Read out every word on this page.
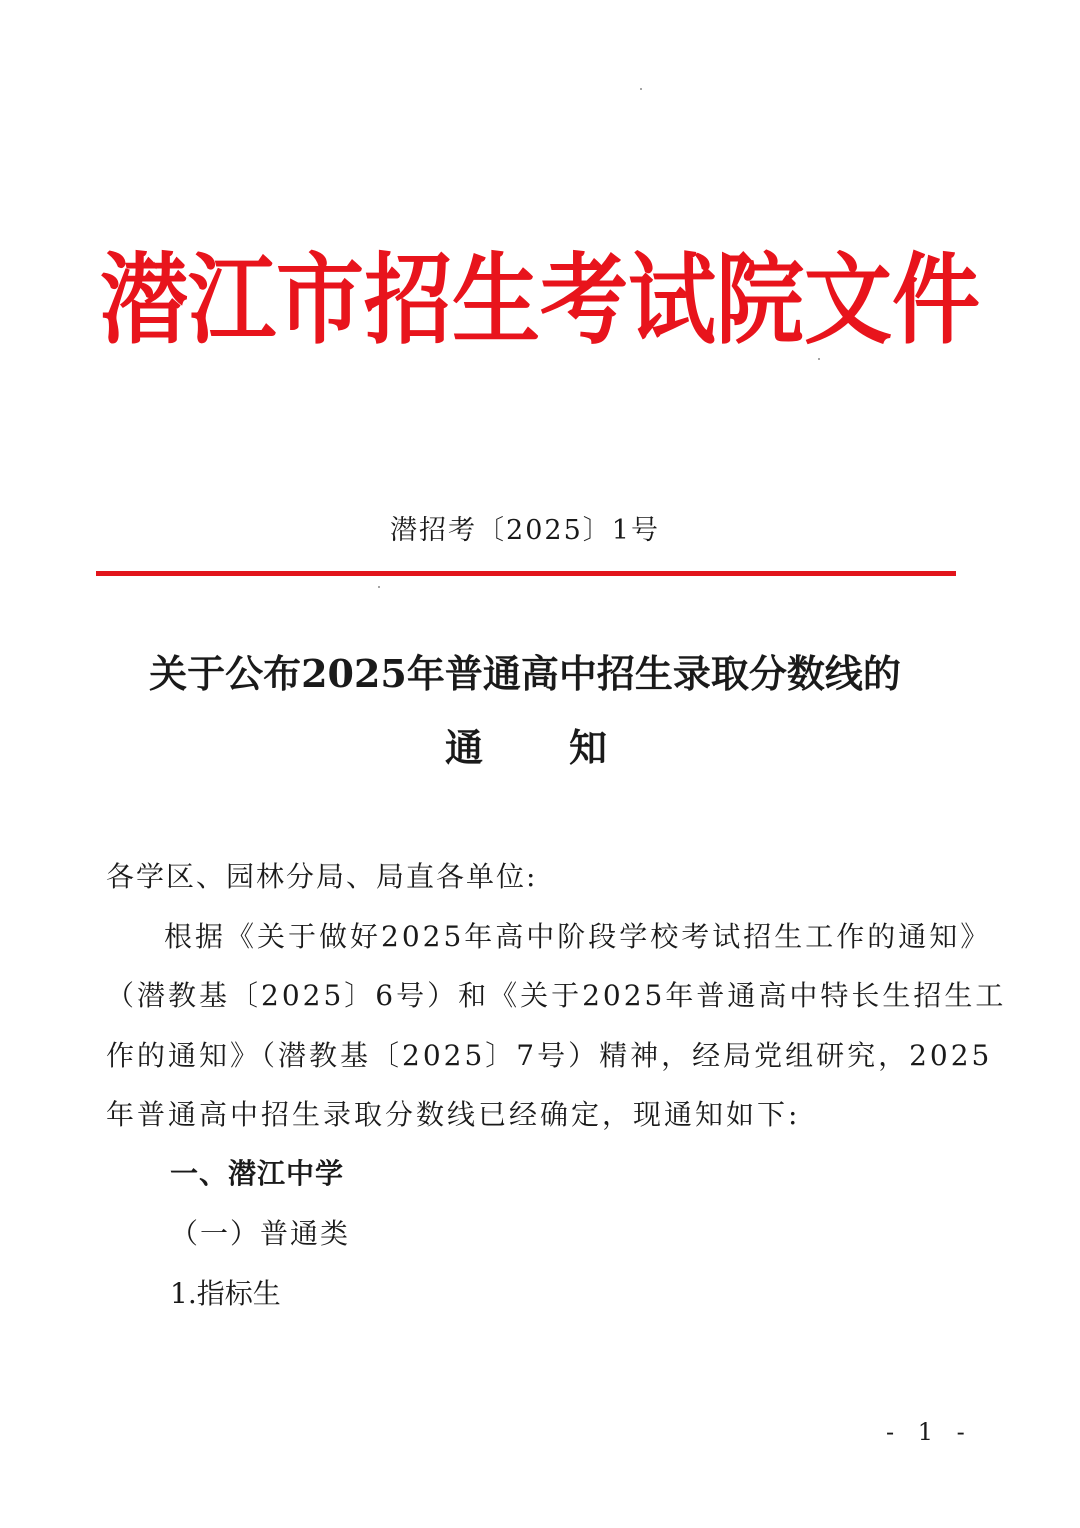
潜江市招生考试院文件
潜招考〔2025〕1号
关于公布2025年普通高中招生录取分数线的
通知
各学区、园林分局、局直各单位:
根据《关于做好2025年高中阶段学校考试招生工作的通知》
（潜教基〔2025〕6号）和《关于2025年普通高中特长生招生工
作的通知》（潜教基〔2025〕7号）精神，经局党组研究，2025
年普通高中招生录取分数线已经确定，现通知如下:
一、潜江中学
（一）普通类
1.指标生
- 1 -
